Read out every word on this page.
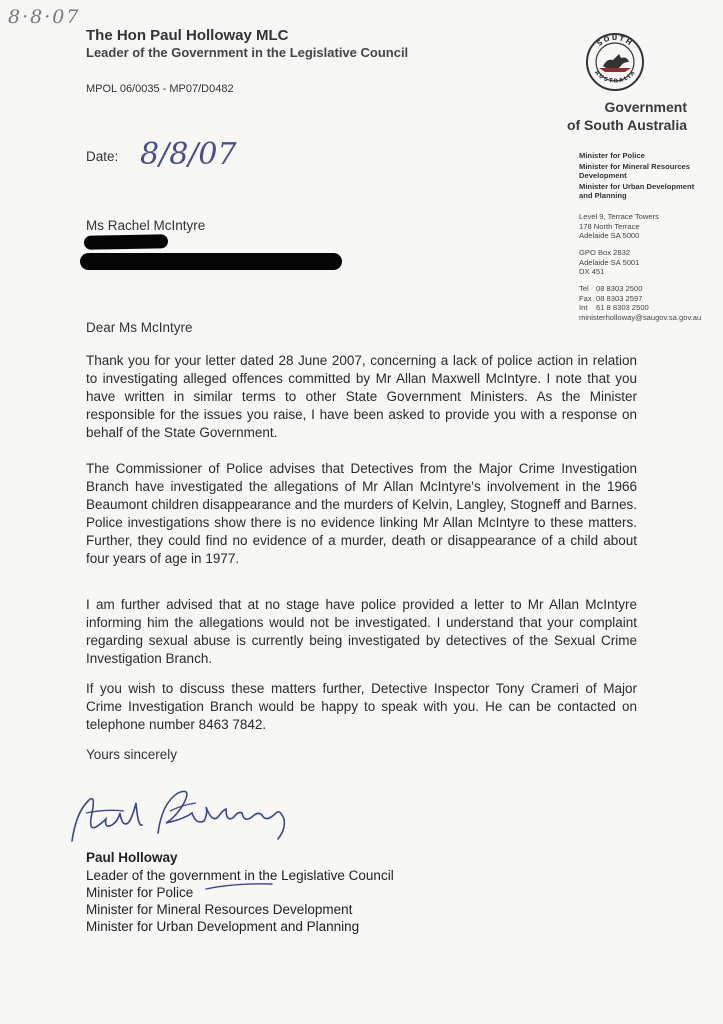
8·8·07
The Hon Paul Holloway MLC
Leader of the Government in the Legislative Council
MPOL 06/0035 - MP07/D0482
SOUTH
AUSTRALIA
Government
of South Australia
Minister for Police
Minister for Mineral Resources Development
Minister for Urban Development and Planning
Level 9, Terrace Towers
178 North Terrace
Adelaide SA 5000
GPO Box 2832
Adelaide SA 5001
DX 451
Tel 08 8303 2500
Fax 08 8303 2597
Int 61 8 8303 2500
ministerholloway@saugov.sa.gov.au
Date: 8/8/07
Ms Rachel McIntyre
Dear Ms McIntyre
Thank you for your letter dated 28 June 2007, concerning a lack of police action in relation to investigating alleged offences committed by Mr Allan Maxwell McIntyre. I note that you have written in similar terms to other State Government Ministers. As the Minister responsible for the issues you raise, I have been asked to provide you with a response on behalf of the State Government.
The Commissioner of Police advises that Detectives from the Major Crime Investigation Branch have investigated the allegations of Mr Allan McIntyre's involvement in the 1966 Beaumont children disappearance and the murders of Kelvin, Langley, Stogneff and Barnes. Police investigations show there is no evidence linking Mr Allan McIntyre to these matters. Further, they could find no evidence of a murder, death or disappearance of a child about four years of age in 1977.
I am further advised that at no stage have police provided a letter to Mr Allan McIntyre informing him the allegations would not be investigated. I understand that your complaint regarding sexual abuse is currently being investigated by detectives of the Sexual Crime Investigation Branch.
If you wish to discuss these matters further, Detective Inspector Tony Crameri of Major Crime Investigation Branch would be happy to speak with you. He can be contacted on telephone number 8463 7842.
Yours sincerely
Paul Holloway
Leader of the government in the Legislative Council
Minister for Police
Minister for Mineral Resources Development
Minister for Urban Development and Planning
